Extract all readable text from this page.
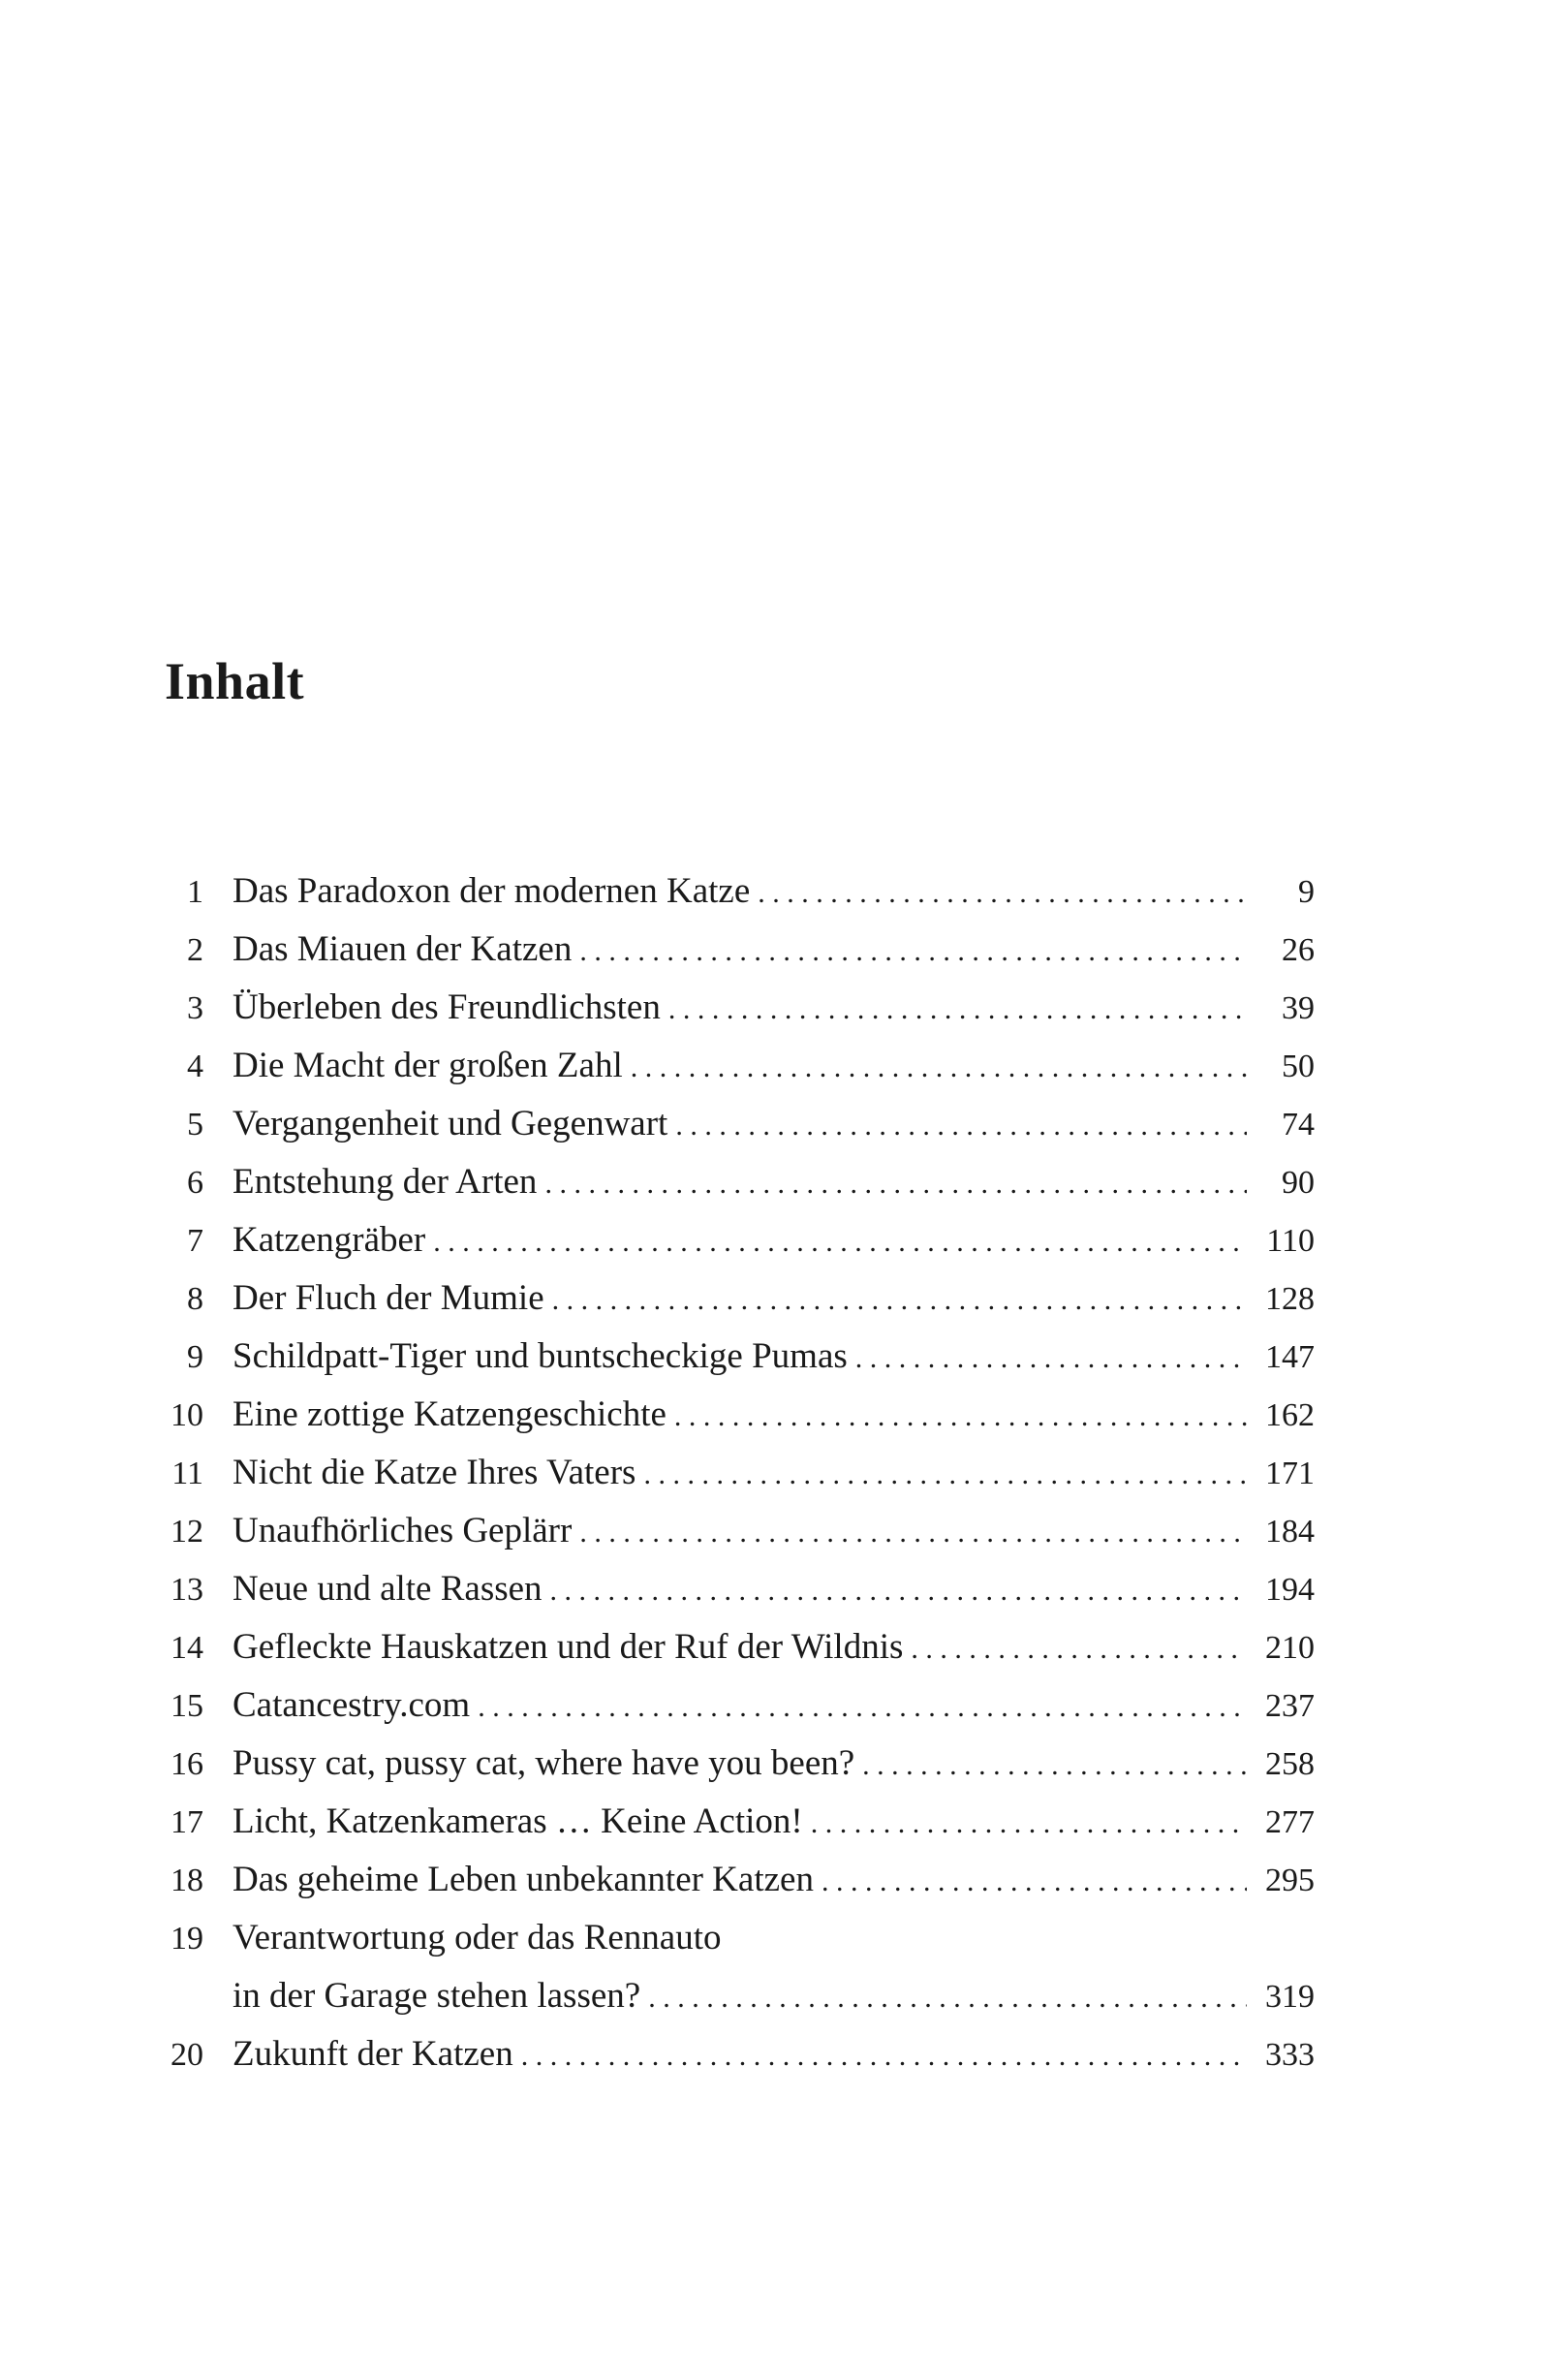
Inhalt
1 Das Paradoxon der modernen Katze . . .	9
2 Das Miauen der Katzen . . .	26
3 Überleben des Freundlichsten . . .	39
4 Die Macht der großen Zahl . . .	50
5 Vergangenheit und Gegenwart . . .	74
6 Entstehung der Arten . . .	90
7 Katzengräber . . .	110
8 Der Fluch der Mumie . . .	128
9 Schildpatt-Tiger und buntscheckige Pumas . . .	147
10 Eine zottige Katzengeschichte . . .	162
11 Nicht die Katze Ihres Vaters . . .	171
12 Unaufhörliches Geplärr . . .	184
13 Neue und alte Rassen . . .	194
14 Gefleckte Hauskatzen und der Ruf der Wildnis . . .	210
15 Catancestry.com . . .	237
16 Pussy cat, pussy cat, where have you been? . . .	258
17 Licht, Katzenkameras … Keine Action! . . .	277
18 Das geheime Leben unbekannter Katzen . . .	295
19 Verantwortung oder das Rennauto
in der Garage stehen lassen? . . .	319
20 Zukunft der Katzen . . .	333
